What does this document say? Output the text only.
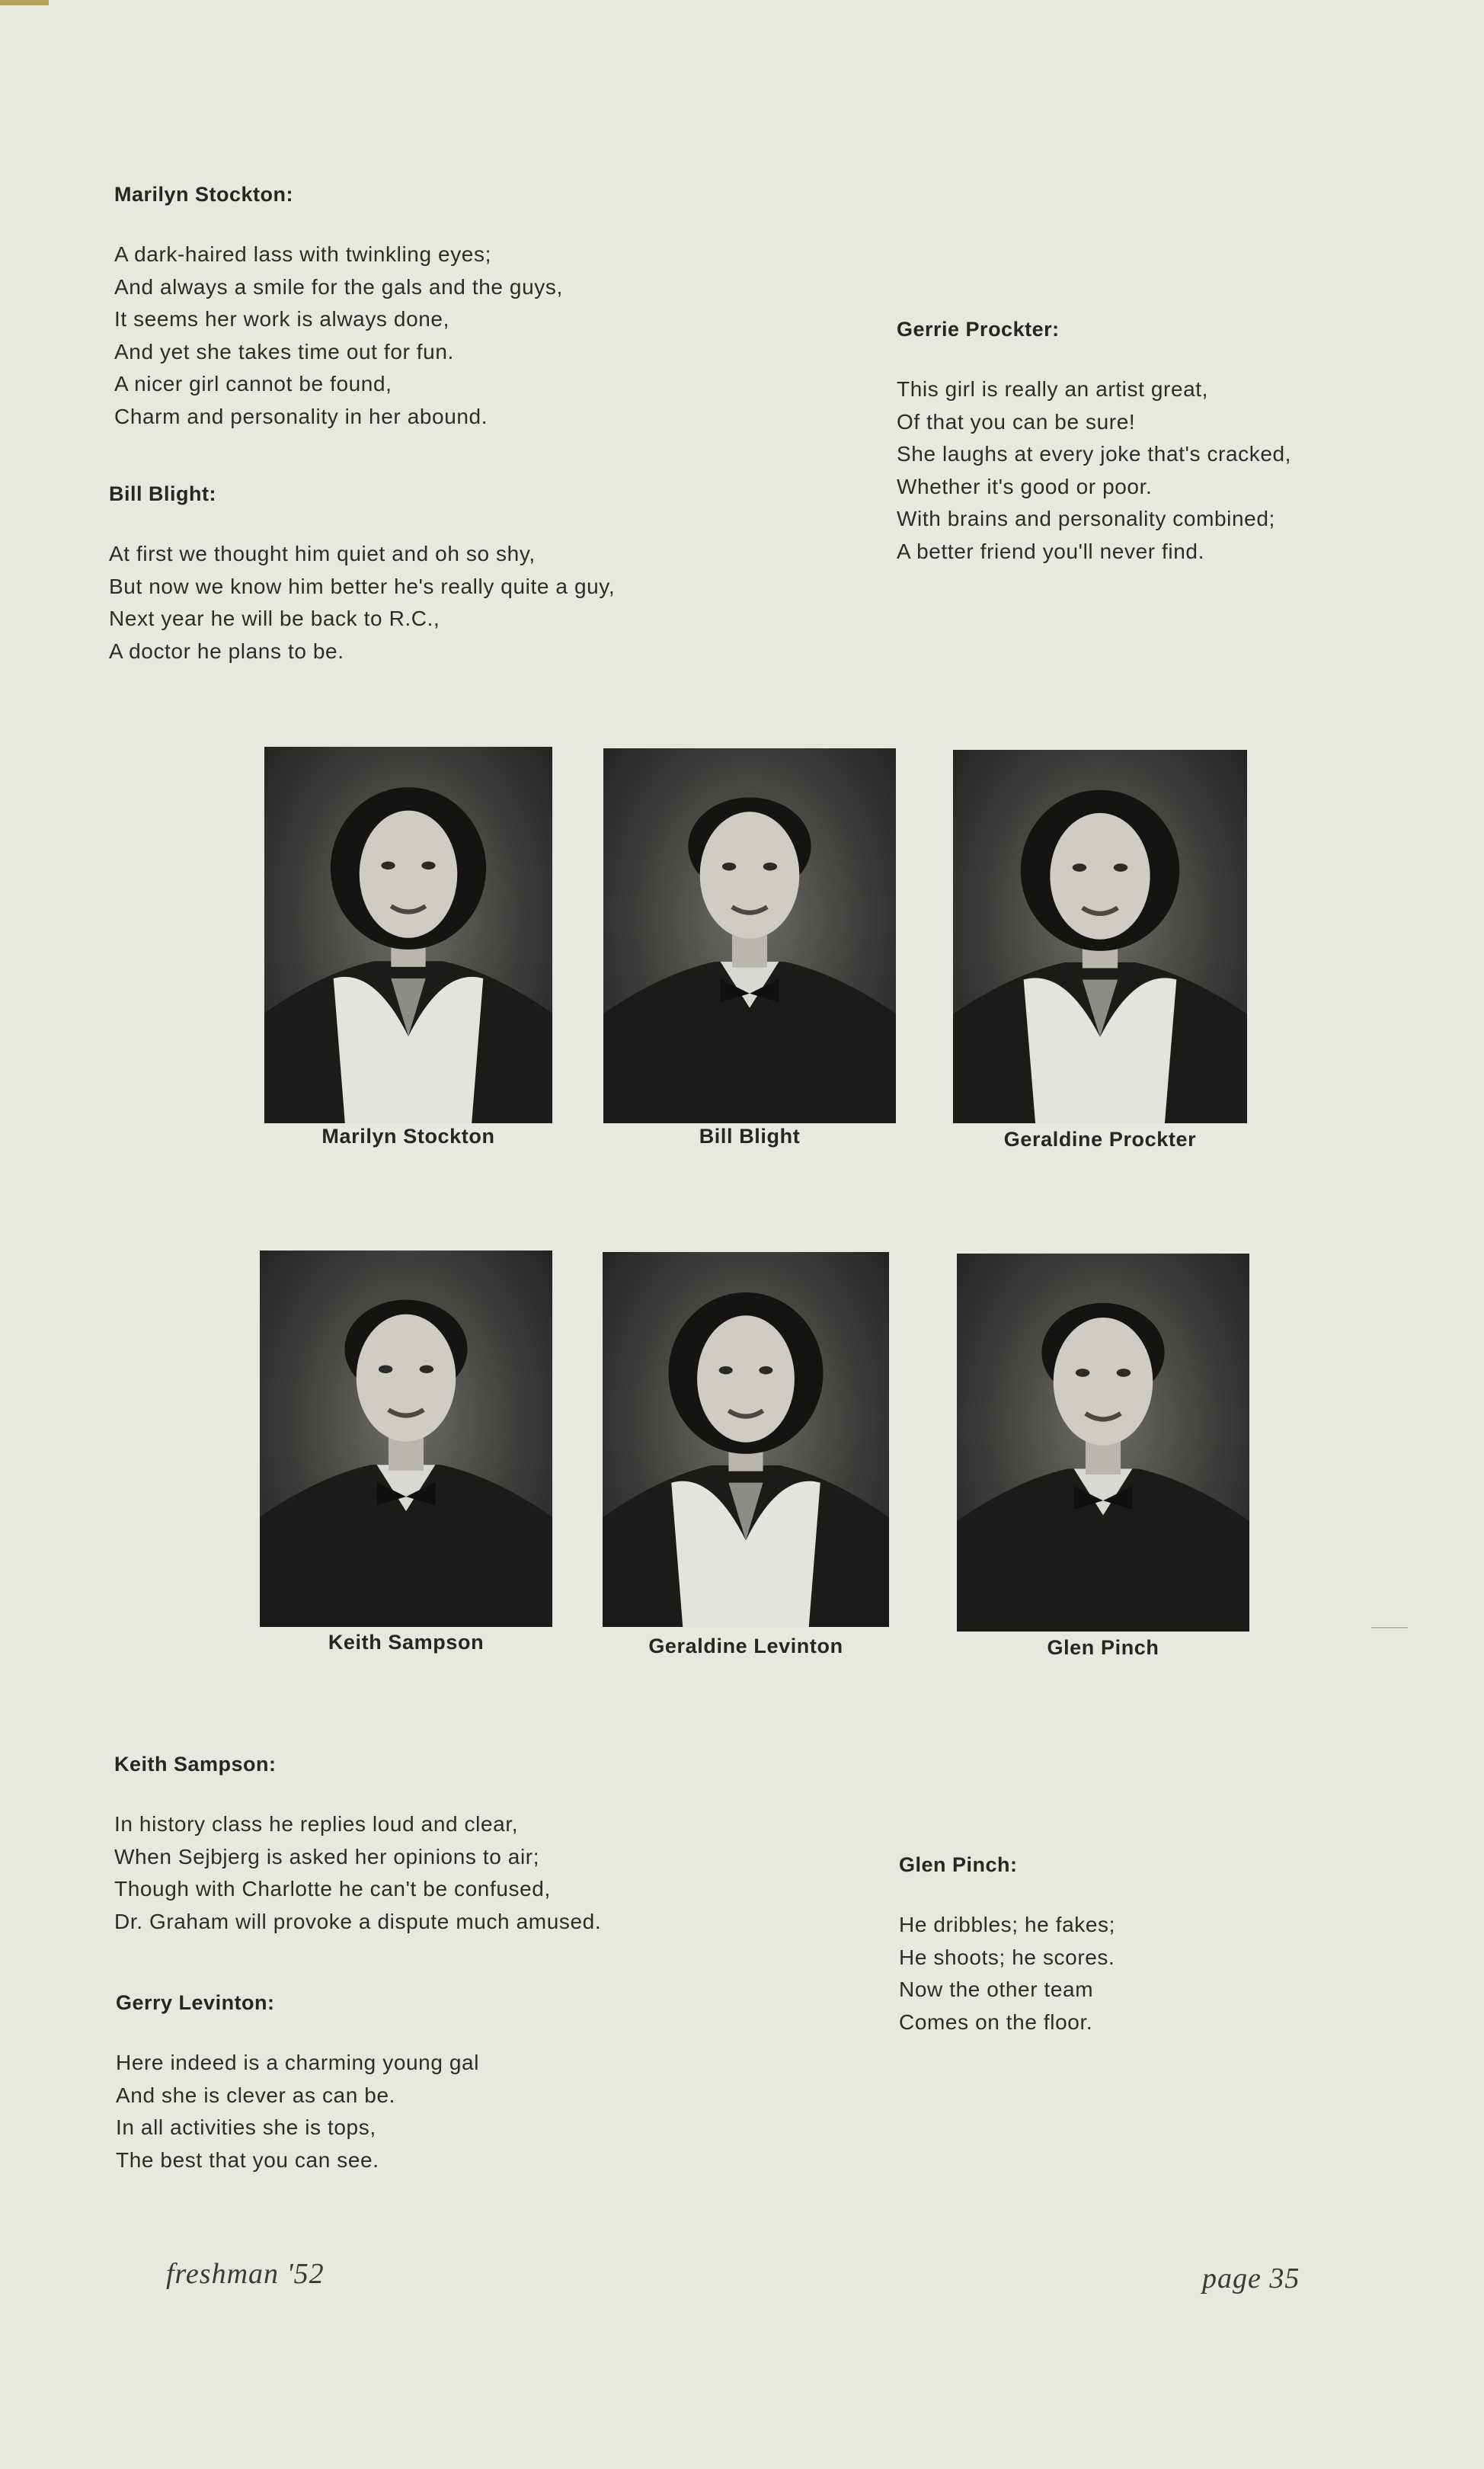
Marilyn Stockton:
A dark-haired lass with twinkling eyes;
And always a smile for the gals and the guys,
It seems her work is always done,
And yet she takes time out for fun.
A nicer girl cannot be found,
Charm and personality in her abound.
Bill Blight:
At first we thought him quiet and oh so shy,
But now we know him better he's really quite a guy,
Next year he will be back to R.C.,
A doctor he plans to be.
Gerrie Prockter:
This girl is really an artist great,
Of that you can be sure!
She laughs at every joke that's cracked,
Whether it's good or poor.
With brains and personality combined;
A better friend you'll never find.
Keith Sampson:
In history class he replies loud and clear,
When Sejbjerg is asked her opinions to air;
Though with Charlotte he can't be confused,
Dr. Graham will provoke a dispute much amused.
Gerry Levinton:
Here indeed is a charming young gal
And she is clever as can be.
In all activities she is tops,
The best that you can see.
Glen Pinch:
He dribbles; he fakes;
He shoots; he scores.
Now the other team
Comes on the floor.
Marilyn Stockton	Bill Blight	Geraldine Prockter
Keith Sampson	Geraldine Levinton	Glen Pinch
freshman '52	page 35
